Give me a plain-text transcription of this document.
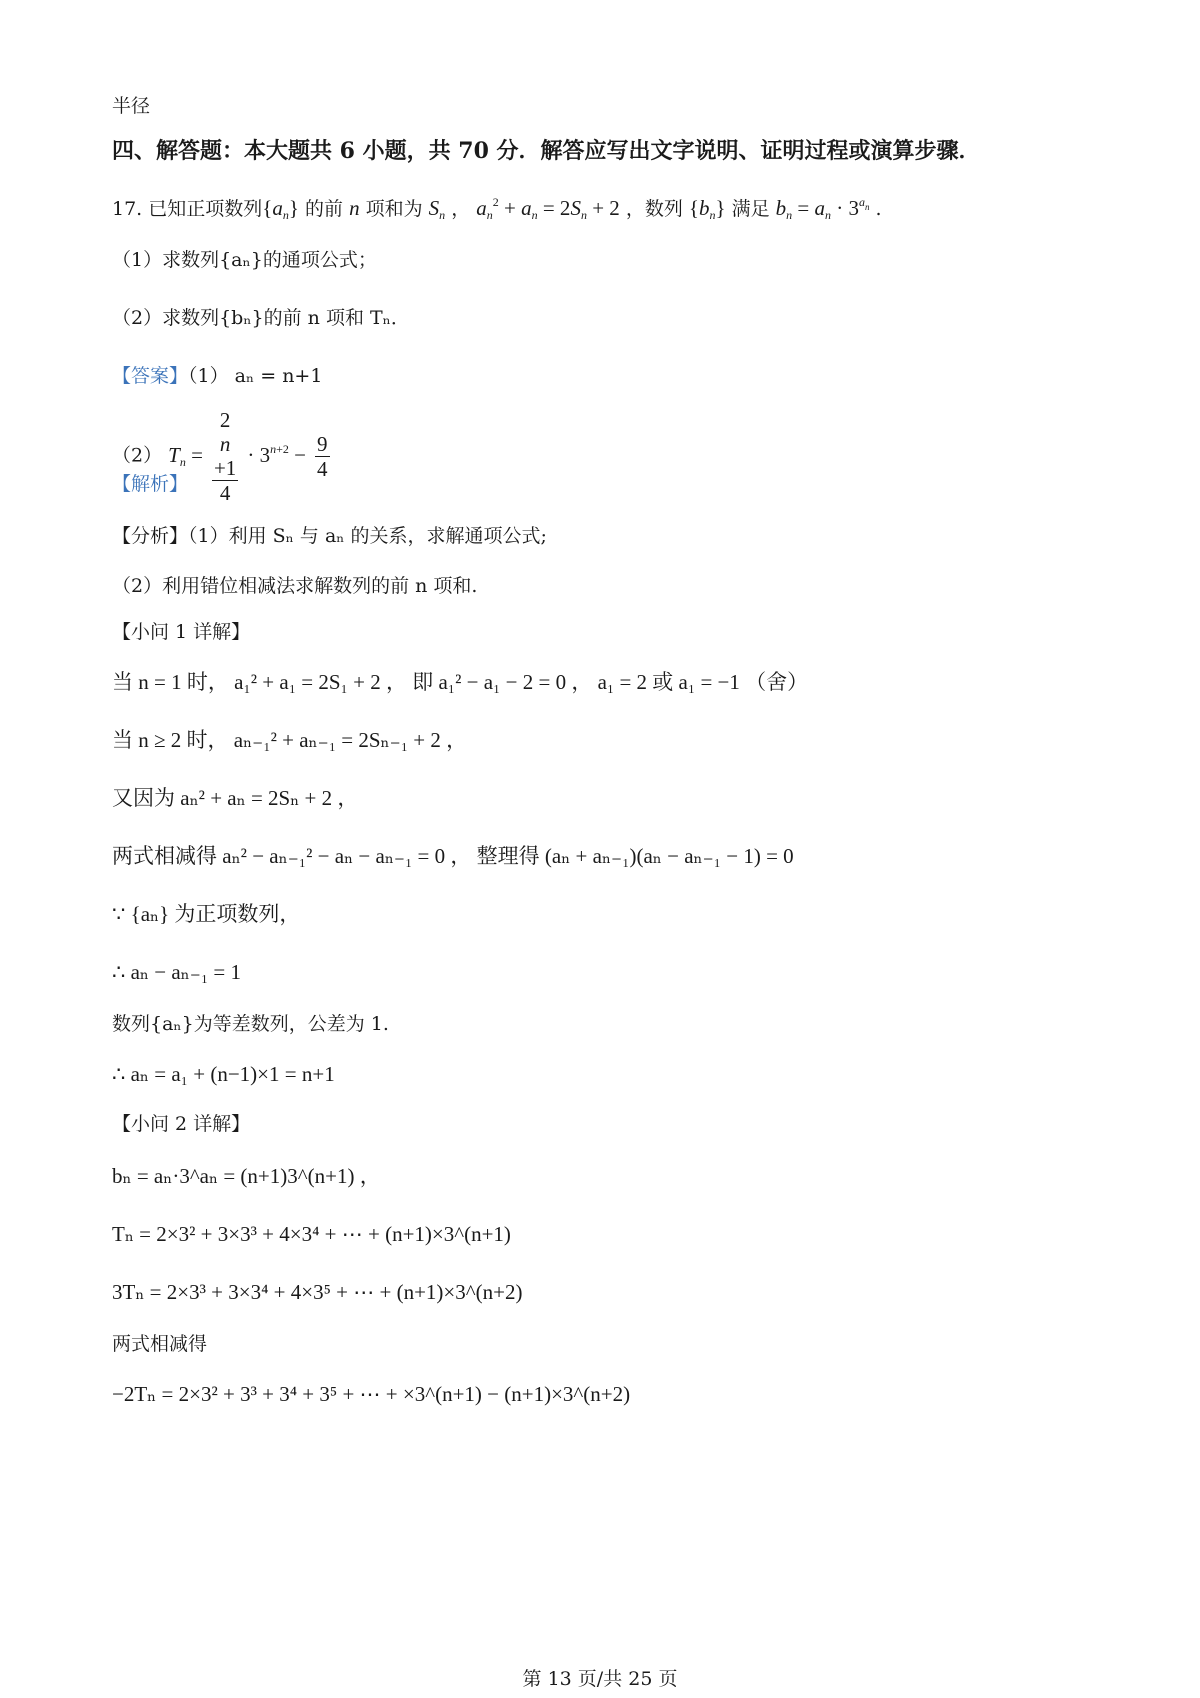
半径
四、解答题：本大题共 6 小题，共 70 分．解答应写出文字说明、证明过程或演算步骤．
17. 已知正项数列$\{a_n\}$ 的前 n 项和为 $S_n$ ， $a_n^2 + a_n = 2S_n + 2$ ，数列 $\{b_n\}$ 满足 $b_n = a_n \cdot 3^{a_n}$ .
（1）求数列{aₙ}的通项公式；
（2）求数列{bₙ}的前 n 项和 Tₙ．
【答案】（1） aₙ = n+1
（2） $T_n = 2$
n
+1
$4 \cdot 3^{n+2} - \frac{9}{4}$
【解析】
【分析】（1）利用 Sₙ 与 aₙ 的关系，求解通项公式;
（2）利用错位相减法求解数列的前 n 项和.
【小问 1 详解】
当 n = 1 时， a₁² + a₁ = 2S₁ + 2 ， 即 a₁² − a₁ − 2 = 0 ， a₁ = 2 或 a₁ = −1 （舍）
当 n ≥ 2 时， aₙ₋₁² + aₙ₋₁ = 2Sₙ₋₁ + 2 ，
又因为 aₙ² + aₙ = 2Sₙ + 2 ，
两式相减得 aₙ² − aₙ₋₁² − aₙ − aₙ₋₁ = 0 ， 整理得 (aₙ + aₙ₋₁)(aₙ − aₙ₋₁ − 1) = 0
∵ {aₙ} 为正项数列，
∴ aₙ − aₙ₋₁ = 1
数列{aₙ}为等差数列，公差为 1.
∴ aₙ = a₁ + (n−1)×1 = n+1
【小问 2 详解】
bₙ = aₙ·3^aₙ = (n+1)3^(n+1) ，
Tₙ = 2×3² + 3×3³ + 4×3⁴ + ⋯ + (n+1)×3^(n+1)
3Tₙ = 2×3³ + 3×3⁴ + 4×3⁵ + ⋯ + (n+1)×3^(n+2)
两式相减得
−2Tₙ = 2×3² + 3³ + 3⁴ + 3⁵ + ⋯ + ×3^(n+1) − (n+1)×3^(n+2)
第 13 页/共 25 页
